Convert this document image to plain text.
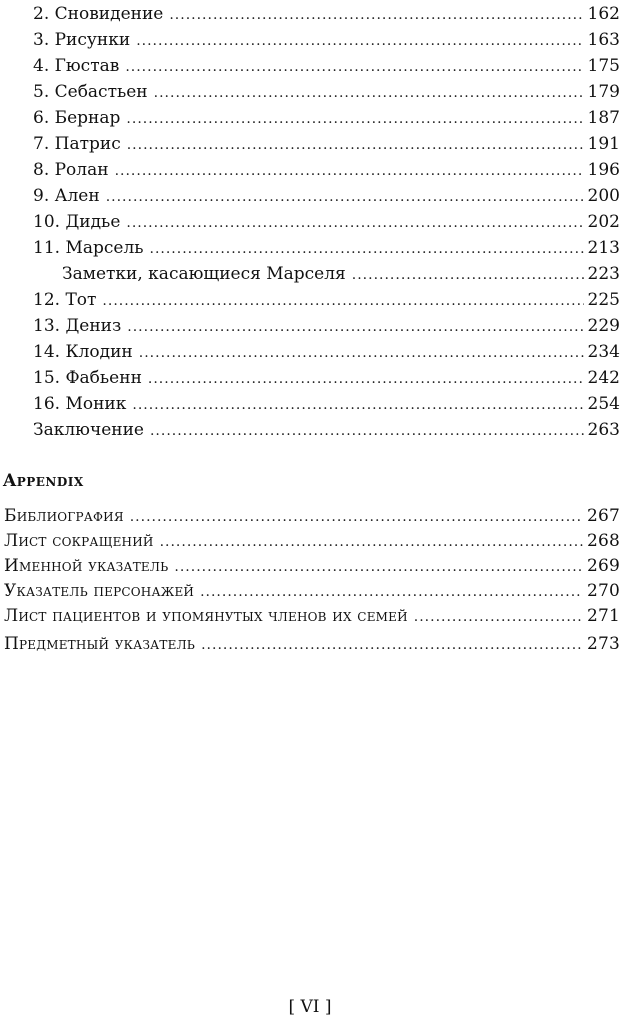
2. Сновидение .....	162
3. Рисунки .....	163
4. Гюстав .....	175
5. Себастьен .....	179
6. Бернар .....	187
7. Патрис .....	191
8. Ролан .....	196
9. Ален .....	200
10. Дидье .....	202
11. Марсель .....	213
Заметки, касающиеся Марселя .....	223
12. Тот .....	225
13. Дениз .....	229
14. Клодин .....	234
15. Фабьенн .....	242
16. Моник .....	254
Заключение .....	263
Appendix
Библиография .....	267
Лист сокращений .....	268
Именной указатель .....	269
Указатель персонажей .....	270
Лист пациентов и упомянутых членов их семей .....	271
Предметный указатель .....	273
[ VI ]
